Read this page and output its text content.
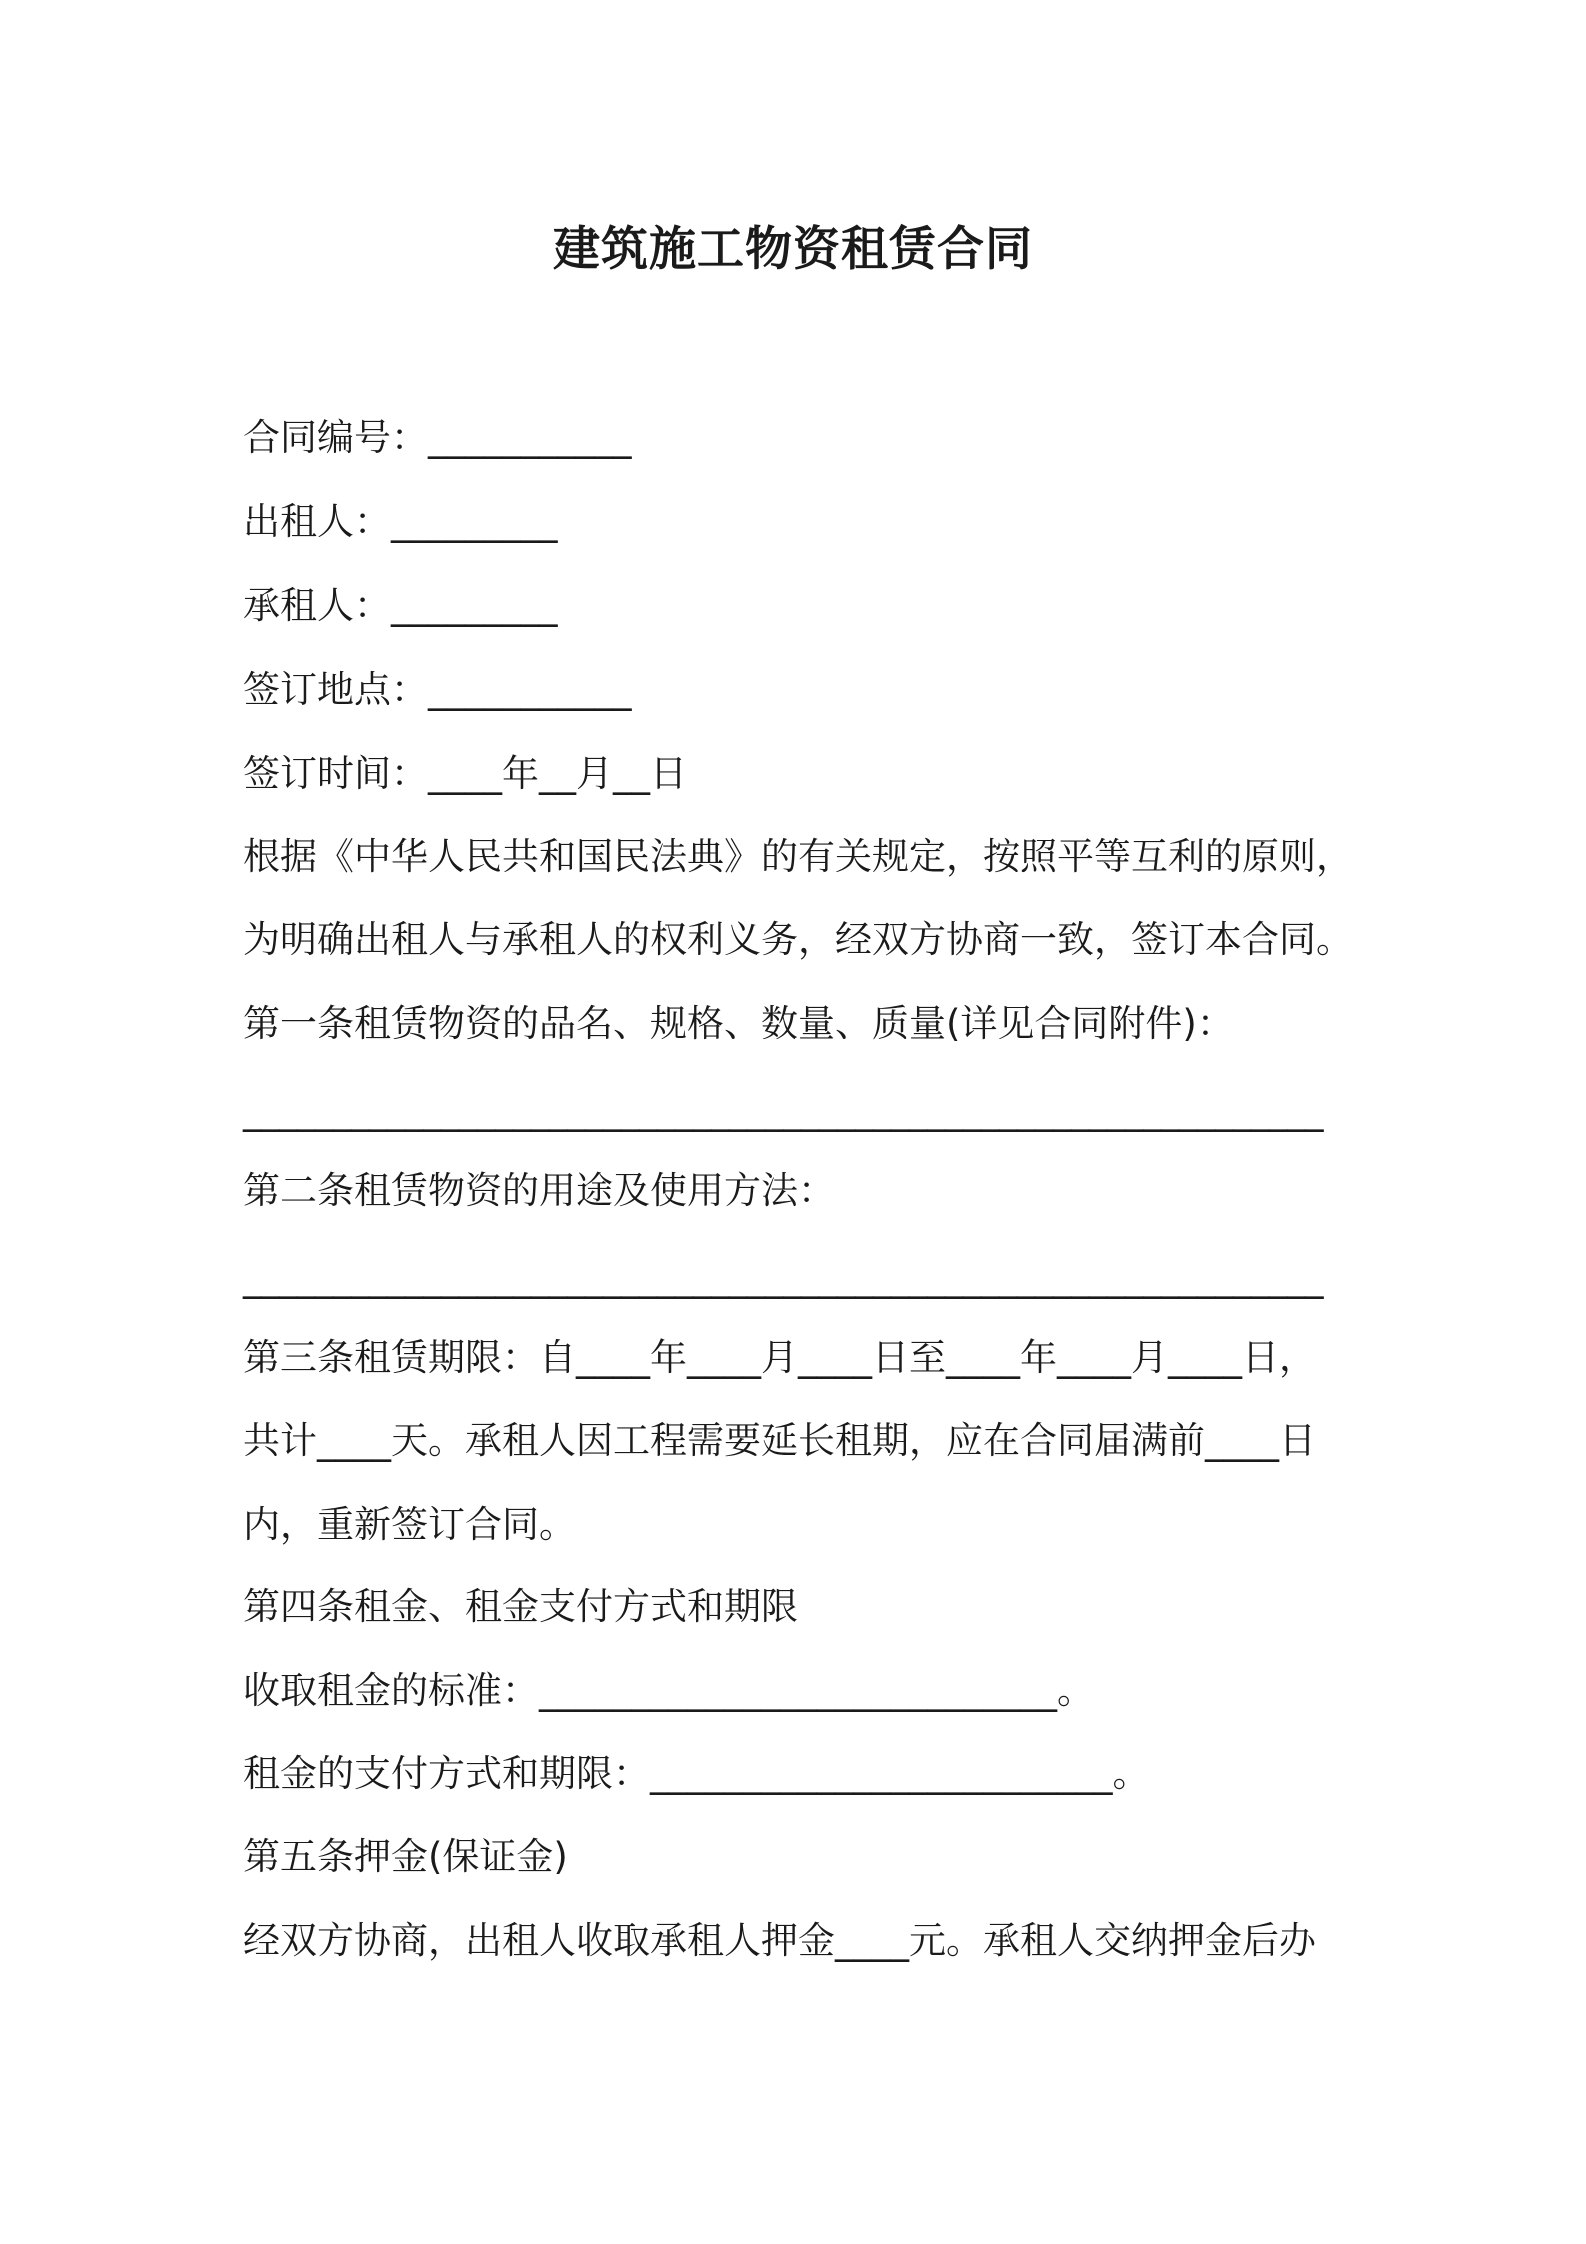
建筑施工物资租赁合同
合同编号：___________
出租人：_________
承租人：_________
签订地点：___________
签订时间：____年__月__日
根据《中华人民共和国民法典》的有关规定，按照平等互利的原则，
为明确出租人与承租人的权利义务，经双方协商一致，签订本合同。
第一条租赁物资的品名、规格、数量、质量(详见合同附件)：
____________________________________________________________
第二条租赁物资的用途及使用方法：
____________________________________________________________
第三条租赁期限：自____年____月____日至____年____月____日，
共计____天。承租人因工程需要延长租期，应在合同届满前____日
内，重新签订合同。
第四条租金、租金支付方式和期限
收取租金的标准：____________________________。
租金的支付方式和期限：_________________________。
第五条押金(保证金)
经双方协商，出租人收取承租人押金____元。承租人交纳押金后办
